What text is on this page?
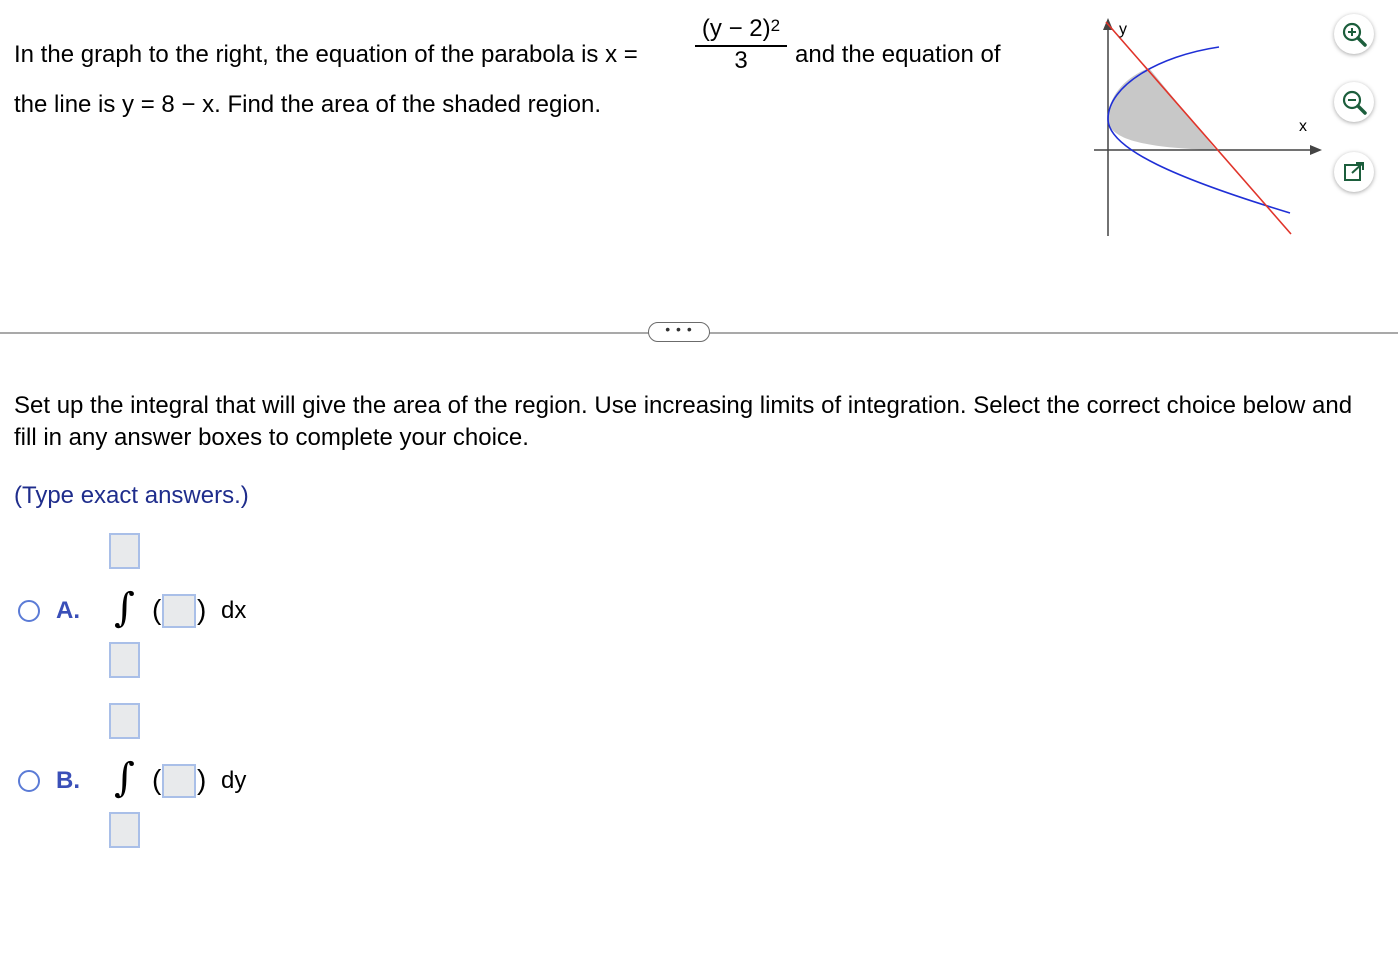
In the graph to the right, the equation of the parabola is x =
$(y - 2)^2$
3	and the equation of
the line is y = 8 − x. Find the area of the shaded region.
y
x
• • •
Set up the integral that will give the area of the region. Use increasing limits of integration. Select the correct choice below and fill in any answer boxes to complete your choice.
(Type exact answers.)
A. ∫ ( ) dx
B. ∫ ( ) dy
